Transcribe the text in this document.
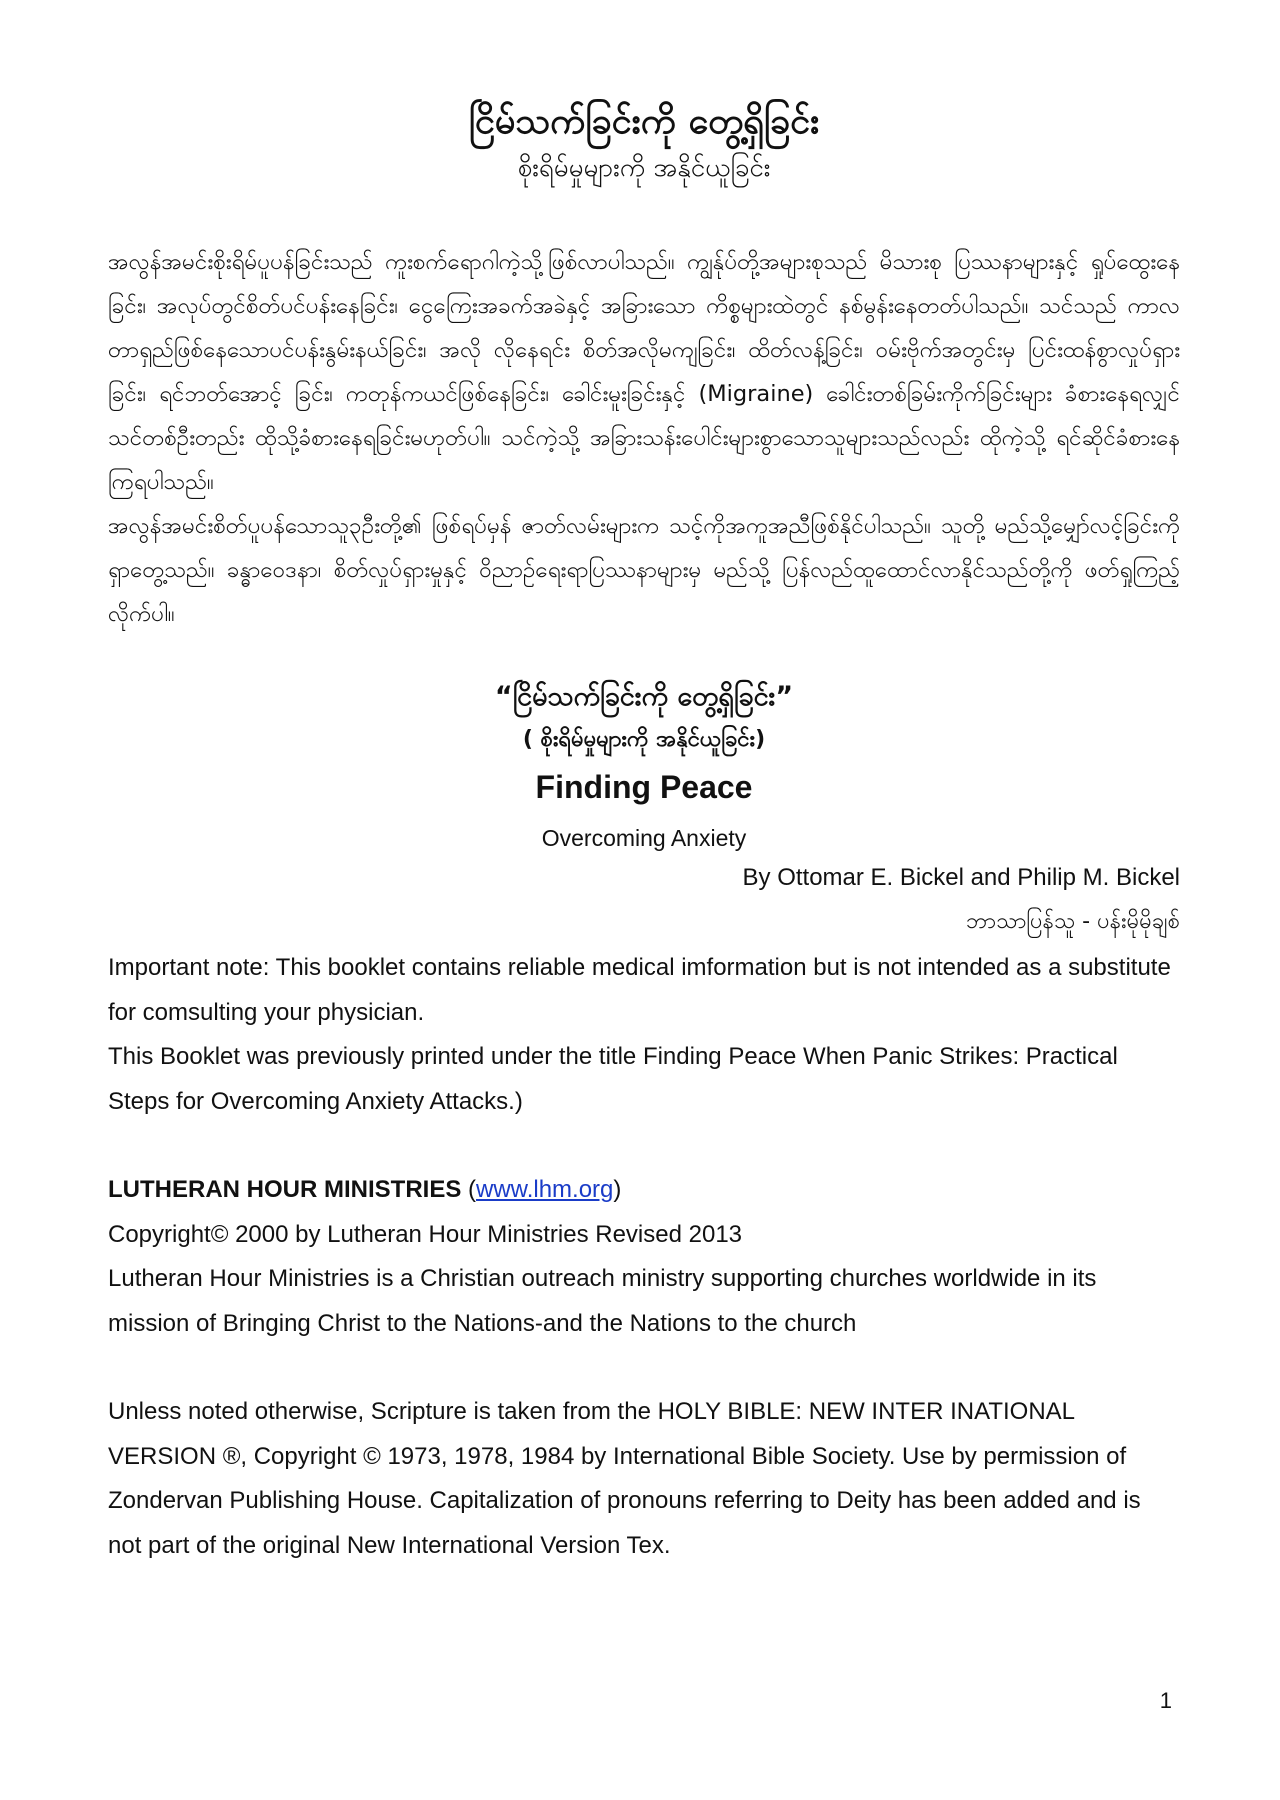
ငြိမ်သက်ခြင်းကို တွေ့ရှိခြင်း

စိုးရိမ်မှုများကို အနိုင်ယူခြင်း

အလွန်အမင်းစိုးရိမ်ပူပန်ခြင်းသည် ကူးစက်ရောဂါကဲ့သို့ဖြစ်လာပါသည်။ ကျွန်ုပ်တို့အများစုသည် မိသားစု ပြဿနာများနှင့် ရှုပ်ထွေးနေခြင်း၊ အလုပ်တွင်စိတ်ပင်ပန်းနေခြင်း၊ ငွေကြေးအခက်အခဲနှင့် အခြားသော ကိစ္စများထဲတွင် နစ်မွန်းနေတတ်ပါသည်။ သင်သည် ကာလတာရှည်ဖြစ်နေသောပင်ပန်းနွမ်းနယ်ခြင်း၊ အလို လိုနေရင်း စိတ်အလိုမကျခြင်း၊ ထိတ်လန့်ခြင်း၊ ဝမ်းဗိုက်အတွင်းမှ ပြင်းထန်စွာလှုပ်ရှားခြင်း၊ ရင်ဘတ်အောင့် ခြင်း၊ ကတုန်ကယင်ဖြစ်နေခြင်း၊ ခေါင်းမူးခြင်းနှင့် (Migraine) ခေါင်းတစ်ခြမ်းကိုက်ခြင်းများ ခံစားနေရလျှင် သင်တစ်ဦးတည်း ထိုသို့ခံစားနေရခြင်းမဟုတ်ပါ။ သင်ကဲ့သို့ အခြားသန်းပေါင်းများစွာသောသူများသည်လည်း ထိုကဲ့သို့ ရင်ဆိုင်ခံစားနေကြရပါသည်။

အလွန်အမင်းစိတ်ပူပန်သောသူ၃ဦးတို့၏ ဖြစ်ရပ်မှန် ဇာတ်လမ်းများက သင့်ကိုအကူအညီဖြစ်နိုင်ပါသည်။ သူတို့ မည်သို့မျှော်လင့်ခြင်းကို ရှာတွေ့သည်။ ခန္ဓာဝေဒနာ၊ စိတ်လှုပ်ရှားမှုနှင့် ဝိညာဉ်ရေးရာပြဿနာများမှ မည်သို့ ပြန်လည်ထူထောင်လာနိုင်သည်တို့ကို ဖတ်ရှုကြည့်လိုက်ပါ။

“ငြိမ်သက်ခြင်းကို တွေ့ရှိခြင်း”
( စိုးရိမ်မှုများကို အနိုင်ယူခြင်း)
Finding Peace
Overcoming Anxiety
By Ottomar E. Bickel and Philip M. Bickel
ဘာသာပြန်သူ - ပန်းမိုမိုချစ်

Important note: This booklet contains reliable medical imformation but is not intended as a substitute for comsulting your physician.

This Booklet was previously printed under the title Finding Peace When Panic Strikes: Practical Steps for Overcoming Anxiety Attacks.)

LUTHERAN HOUR MINISTRIES (www.lhm.org)

Copyright© 2000 by Lutheran Hour Ministries Revised 2013

Lutheran Hour Ministries is a Christian outreach ministry supporting churches worldwide in its mission of Bringing Christ to the Nations-and the Nations to the church

Unless noted otherwise, Scripture is taken from the HOLY BIBLE: NEW INTER INATIONAL VERSION ®, Copyright © 1973, 1978, 1984 by International Bible Society. Use by permission of Zondervan Publishing House. Capitalization of pronouns referring to Deity has been added and is not part of the original New International Version Tex.

1
